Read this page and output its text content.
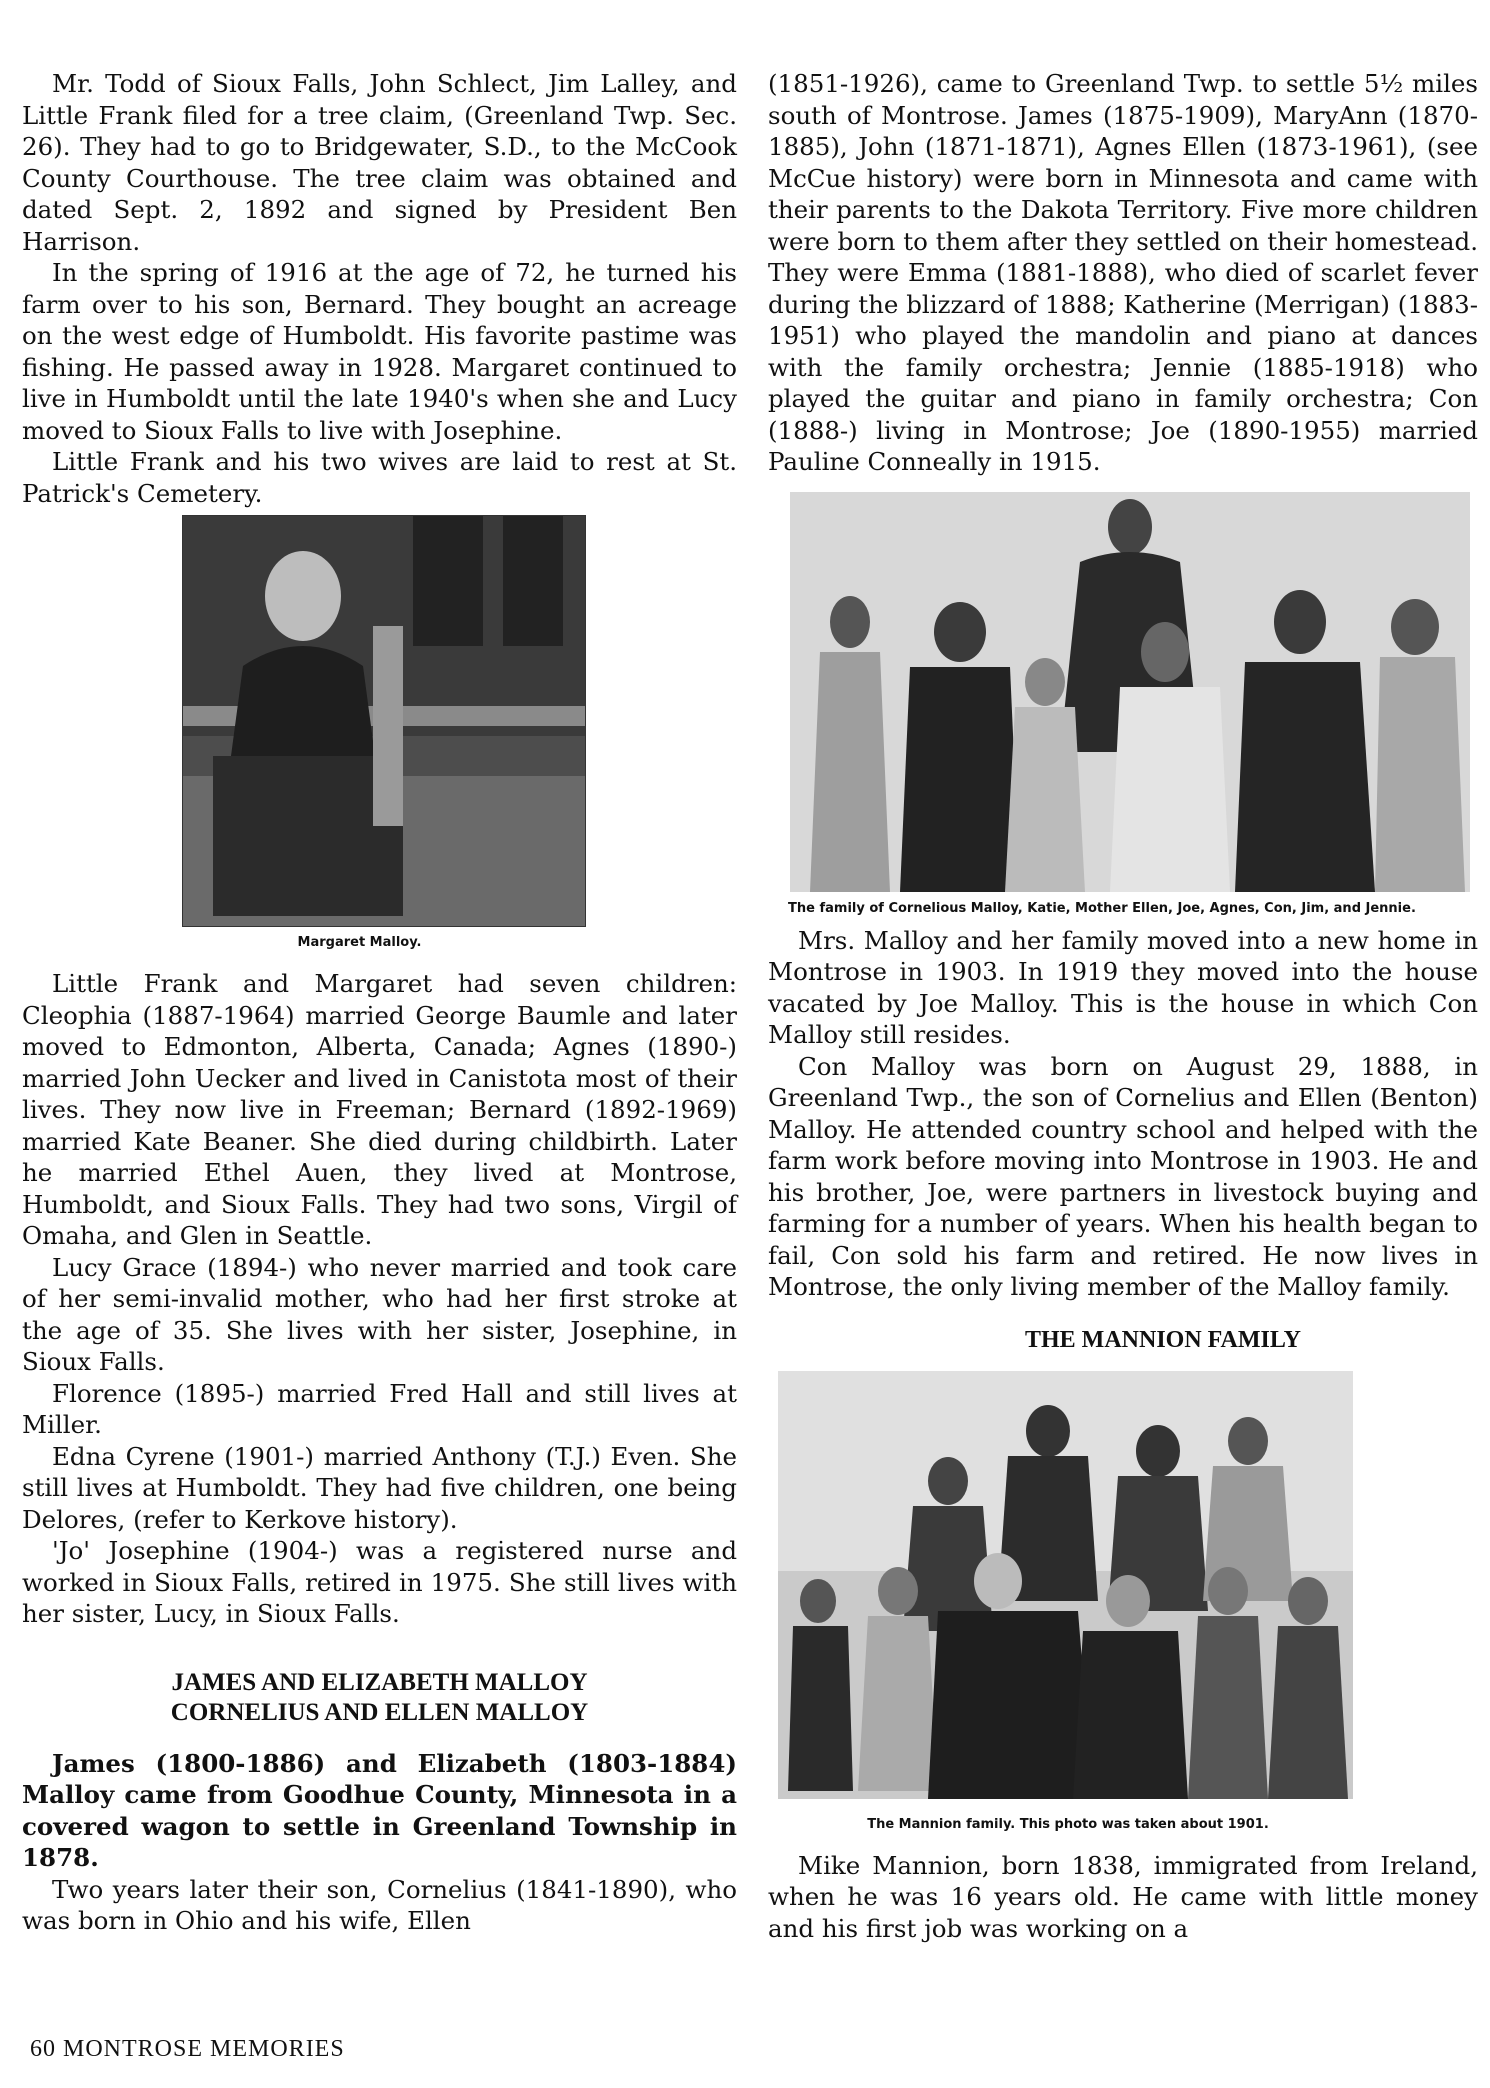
Mr. Todd of Sioux Falls, John Schlect, Jim Lalley, and Little Frank filed for a tree claim, (Greenland Twp. Sec. 26). They had to go to Bridgewater, S.D., to the McCook County Courthouse. The tree claim was obtained and dated Sept. 2, 1892 and signed by President Ben Harrison.

In the spring of 1916 at the age of 72, he turned his farm over to his son, Bernard. They bought an acreage on the west edge of Humboldt. His favorite pastime was fishing. He passed away in 1928. Margaret continued to live in Humboldt until the late 1940's when she and Lucy moved to Sioux Falls to live with Josephine.

Little Frank and his two wives are laid to rest at St. Patrick's Cemetery.

Margaret Malloy.

Little Frank and Margaret had seven children: Cleophia (1887-1964) married George Baumle and later moved to Edmonton, Alberta, Canada; Agnes (1890-) married John Uecker and lived in Canistota most of their lives. They now live in Freeman; Bernard (1892-1969) married Kate Beaner. She died during childbirth. Later he married Ethel Auen, they lived at Montrose, Humboldt, and Sioux Falls. They had two sons, Virgil of Omaha, and Glen in Seattle.

Lucy Grace (1894-) who never married and took care of her semi-invalid mother, who had her first stroke at the age of 35. She lives with her sister, Josephine, in Sioux Falls.

Florence (1895-) married Fred Hall and still lives at Miller.

Edna Cyrene (1901-) married Anthony (T.J.) Even. She still lives at Humboldt. They had five children, one being Delores, (refer to Kerkove history).

'Jo' Josephine (1904-) was a registered nurse and worked in Sioux Falls, retired in 1975. She still lives with her sister, Lucy, in Sioux Falls.

JAMES AND ELIZABETH MALLOY
CORNELIUS AND ELLEN MALLOY

James (1800-1886) and Elizabeth (1803-1884) Malloy came from Goodhue County, Minnesota in a covered wagon to settle in Greenland Township in 1878.

Two years later their son, Cornelius (1841-1890), who was born in Ohio and his wife, Ellen

(1851-1926), came to Greenland Twp. to settle 5½ miles south of Montrose. James (1875-1909), MaryAnn (1870-1885), John (1871-1871), Agnes Ellen (1873-1961), (see McCue history) were born in Minnesota and came with their parents to the Dakota Territory. Five more children were born to them after they settled on their homestead. They were Emma (1881-1888), who died of scarlet fever during the blizzard of 1888; Katherine (Merrigan) (1883-1951) who played the mandolin and piano at dances with the family orchestra; Jennie (1885-1918) who played the guitar and piano in family orchestra; Con (1888-) living in Montrose; Joe (1890-1955) married Pauline Conneally in 1915.

The family of Cornelious Malloy, Katie, Mother Ellen, Joe, Agnes, Con, Jim, and Jennie.

Mrs. Malloy and her family moved into a new home in Montrose in 1903. In 1919 they moved into the house vacated by Joe Malloy. This is the house in which Con Malloy still resides.

Con Malloy was born on August 29, 1888, in Greenland Twp., the son of Cornelius and Ellen (Benton) Malloy. He attended country school and helped with the farm work before moving into Montrose in 1903. He and his brother, Joe, were partners in livestock buying and farming for a number of years. When his health began to fail, Con sold his farm and retired. He now lives in Montrose, the only living member of the Malloy family.

THE MANNION FAMILY
The Mannion family. This photo was taken about 1901.

Mike Mannion, born 1838, immigrated from Ireland, when he was 16 years old. He came with little money and his first job was working on a

60 MONTROSE MEMORIES
